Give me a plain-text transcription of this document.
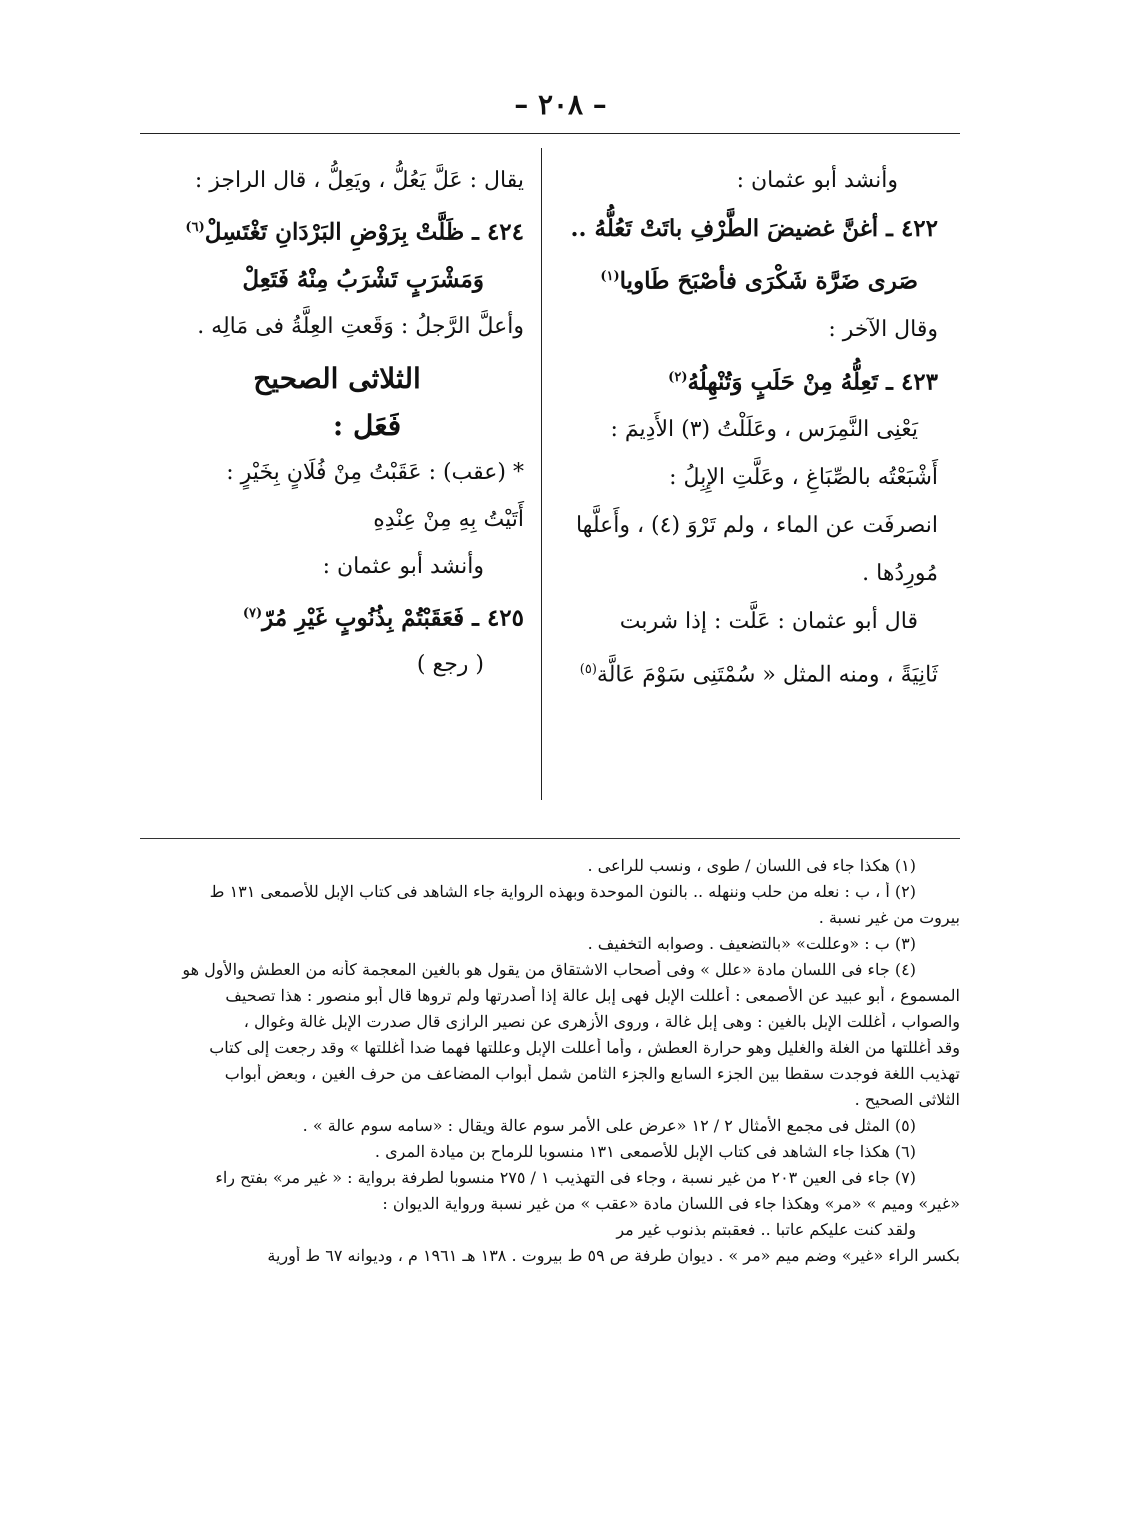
– ٢٠٨ –
وأنشد أبو عثمان :
٤٢٢ ـ أغنَّ غضيضَ الطَّرْفِ باتَتْ تَعُلُّهُ ..
صَرى ضَرَّة شَكْرَى فأصْبَحَ طَاويا$^{(١)}$
وقال الآخر :
٤٢٣ ـ تَعِلُّهُ مِنْ حَلَبٍ وَتُنْهِلُهُ$^{(٢)}$
يَعْنِى النَّمِرَس ، وعَلَلْتُ (٣) الأَدِيمَ :
أَشْبَعْتُه بالصِّبَاغِ ، وعَلَّتِ الإِبِلُ :
انصرفَت عن الماء ، ولم تَرْوَ (٤) ، وأَعلَّها
مُورِدُها .
قال أبو عثمان : عَلَّت : إذا شربت
ثَانِيَةً ، ومنه المثل « سُمْتَنِى سَوْمَ عَالَّة$^{(٥)}$
يقال : عَلَّ يَعُلُّ ، ويَعِلُّ ، قال الراجز :
٤٢٤ ـ ظَلَّتْ بِرَوْضِ البَرْدَانِ تَغْتَسِلْ$^{(٦)}$
وَمَشْرَبٍ تَشْرَبُ مِنْهُ فَتَعِلْ
وأعلَّ الرَّجلُ : وَقَعتِ العِلَّةُ فى مَالِه .
الثلاثى الصحيح
فَعَل :
* (عقب) : عَقَبْتُ مِنْ فُلَانٍ بِخَيْرٍ :
أَتَيْتُ بِهِ مِنْ عِنْدِهِ
وأنشد أبو عثمان :
٤٢٥ ـ فَعَقَبْتُمْ بِذُنُوبٍ غَيْرِ مُرّ$^{(٧)}$
( رجع )
(١) هكذا جاء فى اللسان / طوى ، ونسب للراعى .
(٢) أ ، ب : نعله من حلب وننهله .. بالنون الموحدة وبهذه الرواية جاء الشاهد فى كتاب الإبل للأصمعى ١٣١ ط
بيروت من غير نسبة .
(٣) ب : «وعللت» «بالتضعيف . وصوابه التخفيف .
(٤) جاء فى اللسان مادة «علل » وفى أصحاب الاشتقاق من يقول هو بالغين المعجمة كأنه من العطش والأول هو
المسموع ، أبو عبيد عن الأصمعى : أعللت الإبل فهى إبل عالة إذا أصدرتها ولم تروها قال أبو منصور : هذا تصحيف
والصواب ، أغللت الإبل بالغين : وهى إبل غالة ، وروى الأزهرى عن نصير الرازى قال صدرت الإبل غالة وغوال ،
وقد أغللتها من الغلة والغليل وهو حرارة العطش ، وأما أعللت الإبل وعللتها فهما ضدا أغللتها » وقد رجعت إلى كتاب
تهذيب اللغة فوجدت سقطا بين الجزء السابع والجزء الثامن شمل أبواب المضاعف من حرف الغين ، وبعض أبواب
الثلاثى الصحيح .
(٥) المثل فى مجمع الأمثال ٢ / ١٢ «عرض على الأمر سوم عالة ويقال : «سامه سوم عالة » .
(٦) هكذا جاء الشاهد فى كتاب الإبل للأصمعى ١٣١ منسوبا للرماح بن ميادة المرى .
(٧) جاء فى العين ٢٠٣ من غير نسبة ، وجاء فى التهذيب ١ / ٢٧٥ منسوبا لطرفة برواية : « غير مر» بفتح راء
«غير» وميم » «مر» وهكذا جاء فى اللسان مادة «عقب » من غير نسبة ورواية الديوان :
ولقد كنت عليكم عاتبا .. فعقبتم بذنوب غير مر
بكسر الراء «غير» وضم ميم «مر » . ديوان طرفة ص ٥٩ ط بيروت . ١٣٨ هـ ١٩٦١ م ، وديوانه ٦٧ ط أورية
